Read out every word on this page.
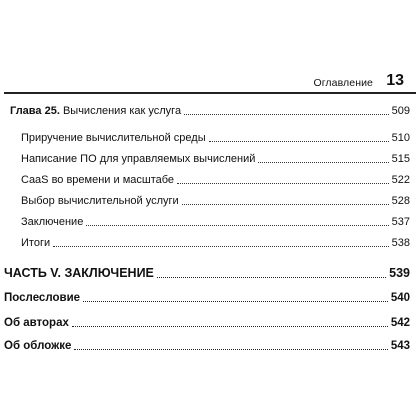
Оглавление 13
Глава 25. Вычисления как услуга	509
Приручение вычислительной среды	510
Написание ПО для управляемых вычислений	515
CaaS во времени и масштабе	522
Выбор вычислительной услуги	528
Заключение	537
Итоги	538
ЧАСТЬ V. ЗАКЛЮЧЕНИЕ	539
Послесловие	540
Об авторах	542
Об обложке	543
